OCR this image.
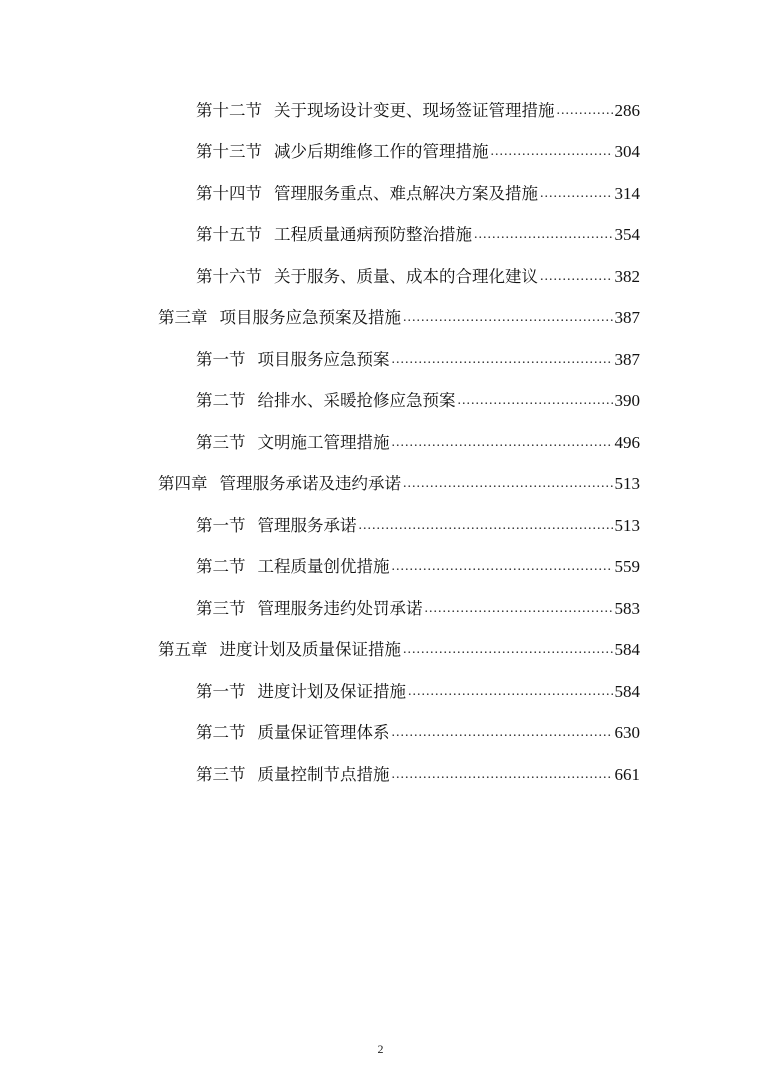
第十二节 关于现场设计变更、现场签证管理措施 .....	286
第十三节 减少后期维修工作的管理措施 .....	304
第十四节 管理服务重点、难点解决方案及措施 .....	314
第十五节 工程质量通病预防整治措施 .....	354
第十六节 关于服务、质量、成本的合理化建议 .....	382
第三章 项目服务应急预案及措施 .....	387
第一节 项目服务应急预案 .....	387
第二节 给排水、采暖抢修应急预案 .....	390
第三节 文明施工管理措施 .....	496
第四章 管理服务承诺及违约承诺 .....	513
第一节 管理服务承诺 .....	513
第二节 工程质量创优措施 .....	559
第三节 管理服务违约处罚承诺 .....	583
第五章 进度计划及质量保证措施 .....	584
第一节 进度计划及保证措施 .....	584
第二节 质量保证管理体系 .....	630
第三节 质量控制节点措施 .....	661
2
